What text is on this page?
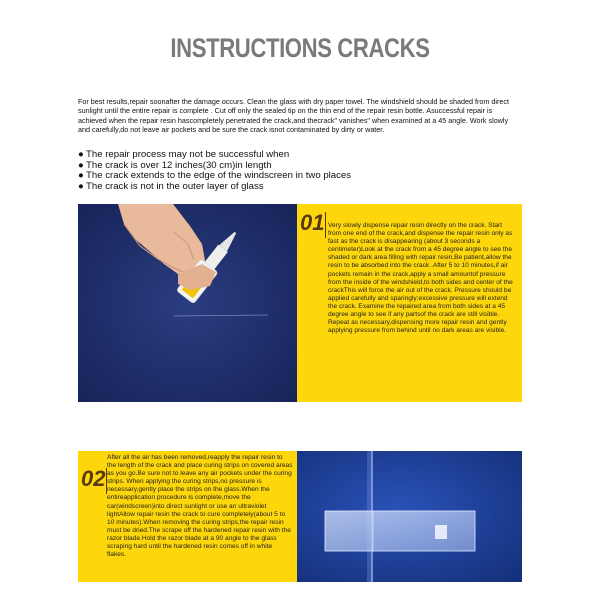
INSTRUCTIONS CRACKS
For best results,repair soonafter the damage occurs. Clean the glass with dry paper towel. The windshield should be shaded from direct sunlight until the entire repair is complete . Cut off only the sealed tip on the thin end of the repair resin bottle. Asuccessful repair is achieved when the repair resin hascompletely penetrated the crack,and thecrack" vanishes" when examined at a 45 angle. Work slowly and carefully,do not leave air pockets and be sure the crack isnot contaminated by dirty or water.
● The repair process may not be successful when
● The crack is over 12 inches(30 cm)in length
● The crack extends to the edge of the windscreen in two places
● The crack is not in the outer layer of glass
01 Very slowly dispense repair resin directly on the crack. Start from one end of the crack,and dispense the repair resin only as fast as the crack is disappearing (about 3 seconds a centimeter)Look at the crack from a 45 degree angle to see the shaded or dark area filling with repair resin,Be patient,allow the resin to be absorbed into the crack .After 5 to 10 minutes,if air pockets remain in the crack,apply a small amountof pressure from the inside of the windshield,to both sides and center of the crackThis will force the air out of the crack. Pressure should be applied carefully and sparingly;excessive pressure will extend the crack. Examine the repaired area from both sides at a 45 degree angle to see if any partsof the crack are still visible. Repeat as necessary,dispensing more repair resin and gently applying pressure from behind until no dark areas are visible.
02
After all the air has been removed,reapply the repair resin to the length of the crack and place curing strips on covered areas as you go.Be sure not to leave any air pockets under the curing strips. When applying the curing strips,no pressure is necessary,gently place the strips on the glass.When the entireapplication procedure is complete,move the car(windscreen)into direct sunlight or use an ultraviolet lightAllow repair resin the crack to cure completely(about 5 to 10 minutes).When removing the curing strips,the repair resin must be dried.The scrape off the hardened repair resin with the razor blade.Hold the razor blade at a 90 angle to the glass scraping hard until the hardened resin comes off in white flakes.
